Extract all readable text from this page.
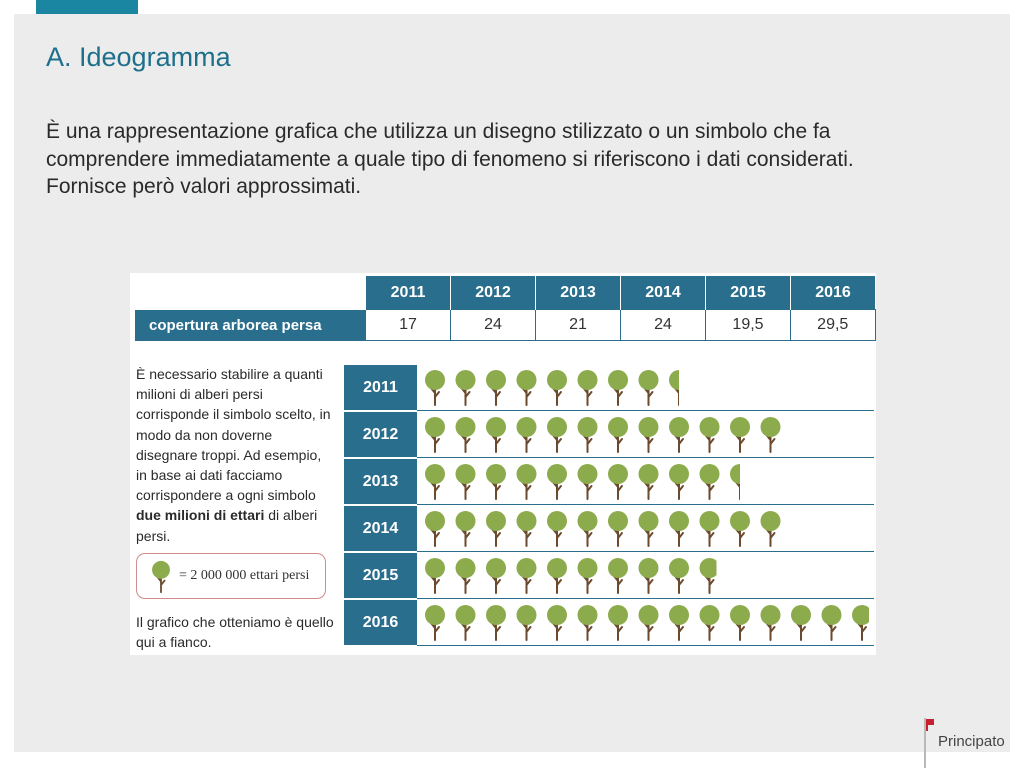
A. Ideogramma

È una rappresentazione grafica che utilizza un disegno stilizzato o un simbolo che fa comprendere immediatamente a quale tipo di fenomeno si riferiscono i dati considerati.

Fornisce però valori approssimati.

	2011	2012	2013	2014	2015	2016
copertura arborea persa	17	24	21	24	19,5	29,5

È necessario stabilire a quanti milioni di alberi persi corrisponde il simbolo scelto, in modo da non doverne disegnare troppi. Ad esempio, in base ai dati facciamo corrispondere a ogni simbolo due milioni di ettari di alberi persi.

= 2 000 000 ettari persi

Il grafico che otteniamo è quello qui a fianco.

2011
2012
2013
2014
2015
2016
Principato
